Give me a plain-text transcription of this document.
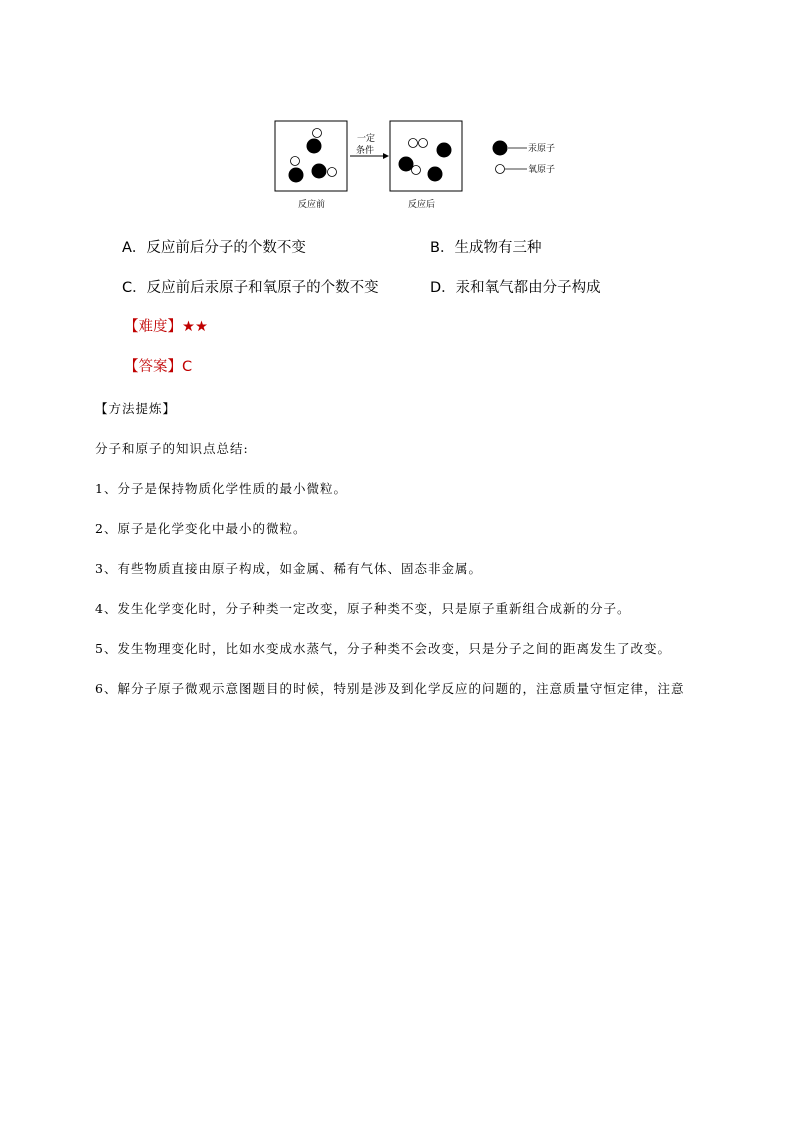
一定
条件
反应前	反应后
汞原子
氧原子
A．反应前后分子的个数不变	B．生成物有三种
C．反应前后汞原子和氧原子的个数不变	D．汞和氧气都由分子构成
【难度】★★
【答案】C
【方法提炼】
分子和原子的知识点总结:
1、分子是保持物质化学性质的最小微粒。
2、原子是化学变化中最小的微粒。
3、有些物质直接由原子构成，如金属、稀有气体、固态非金属。
4、发生化学变化时，分子种类一定改变，原子种类不变，只是原子重新组合成新的分子。
5、发生物理变化时，比如水变成水蒸气，分子种类不会改变，只是分子之间的距离发生了改变。
6、解分子原子微观示意图题目的时候，特别是涉及到化学反应的问题的，注意质量守恒定律，注意
